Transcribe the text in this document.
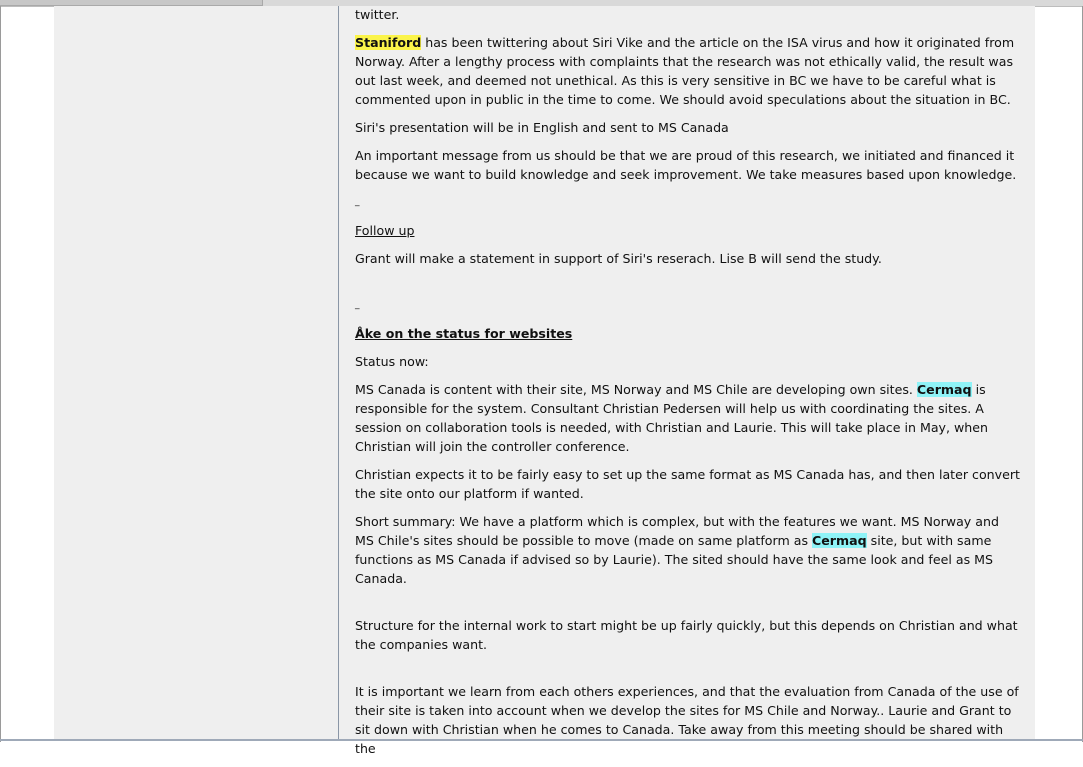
twitter.

Staniford has been twittering about Siri Vike and the article on the ISA virus and how it originated from Norway. After a lengthy process with complaints that the research was not ethically valid, the result was out last week, and deemed not unethical. As this is very sensitive in BC we have to be careful what is commented upon in public in the time to come. We should avoid speculations about the situation in BC.

Siri's presentation will be in English and sent to MS Canada

An important message from us should be that we are proud of this research, we initiated and financed it because we want to build knowledge and seek improvement. We take measures based upon knowledge.

_

Follow up

Grant will make a statement in support of Siri's reserach. Lise B will send the study.

_

Åke on the status for websites

Status now:

MS Canada is content with their site, MS Norway and MS Chile are developing own sites. Cermaq is responsible for the system. Consultant Christian Pedersen will help us with coordinating the sites. A session on collaboration tools is needed, with Christian and Laurie. This will take place in May, when Christian will join the controller conference.

Christian expects it to be fairly easy to set up the same format as MS Canada has, and then later convert the site onto our platform if wanted.

Short summary: We have a platform which is complex, but with the features we want. MS Norway and MS Chile's sites should be possible to move (made on same platform as Cermaq site, but with same functions as MS Canada if advised so by Laurie). The sited should have the same look and feel as MS Canada.

Structure for the internal work to start might be up fairly quickly, but this depends on Christian and what the companies want.

It is important we learn from each others experiences, and that the evaluation from Canada of the use of their site is taken into account when we develop the sites for MS Chile and Norway.. Laurie and Grant to sit down with Christian when he comes to Canada. Take away from this meeting should be shared with the
